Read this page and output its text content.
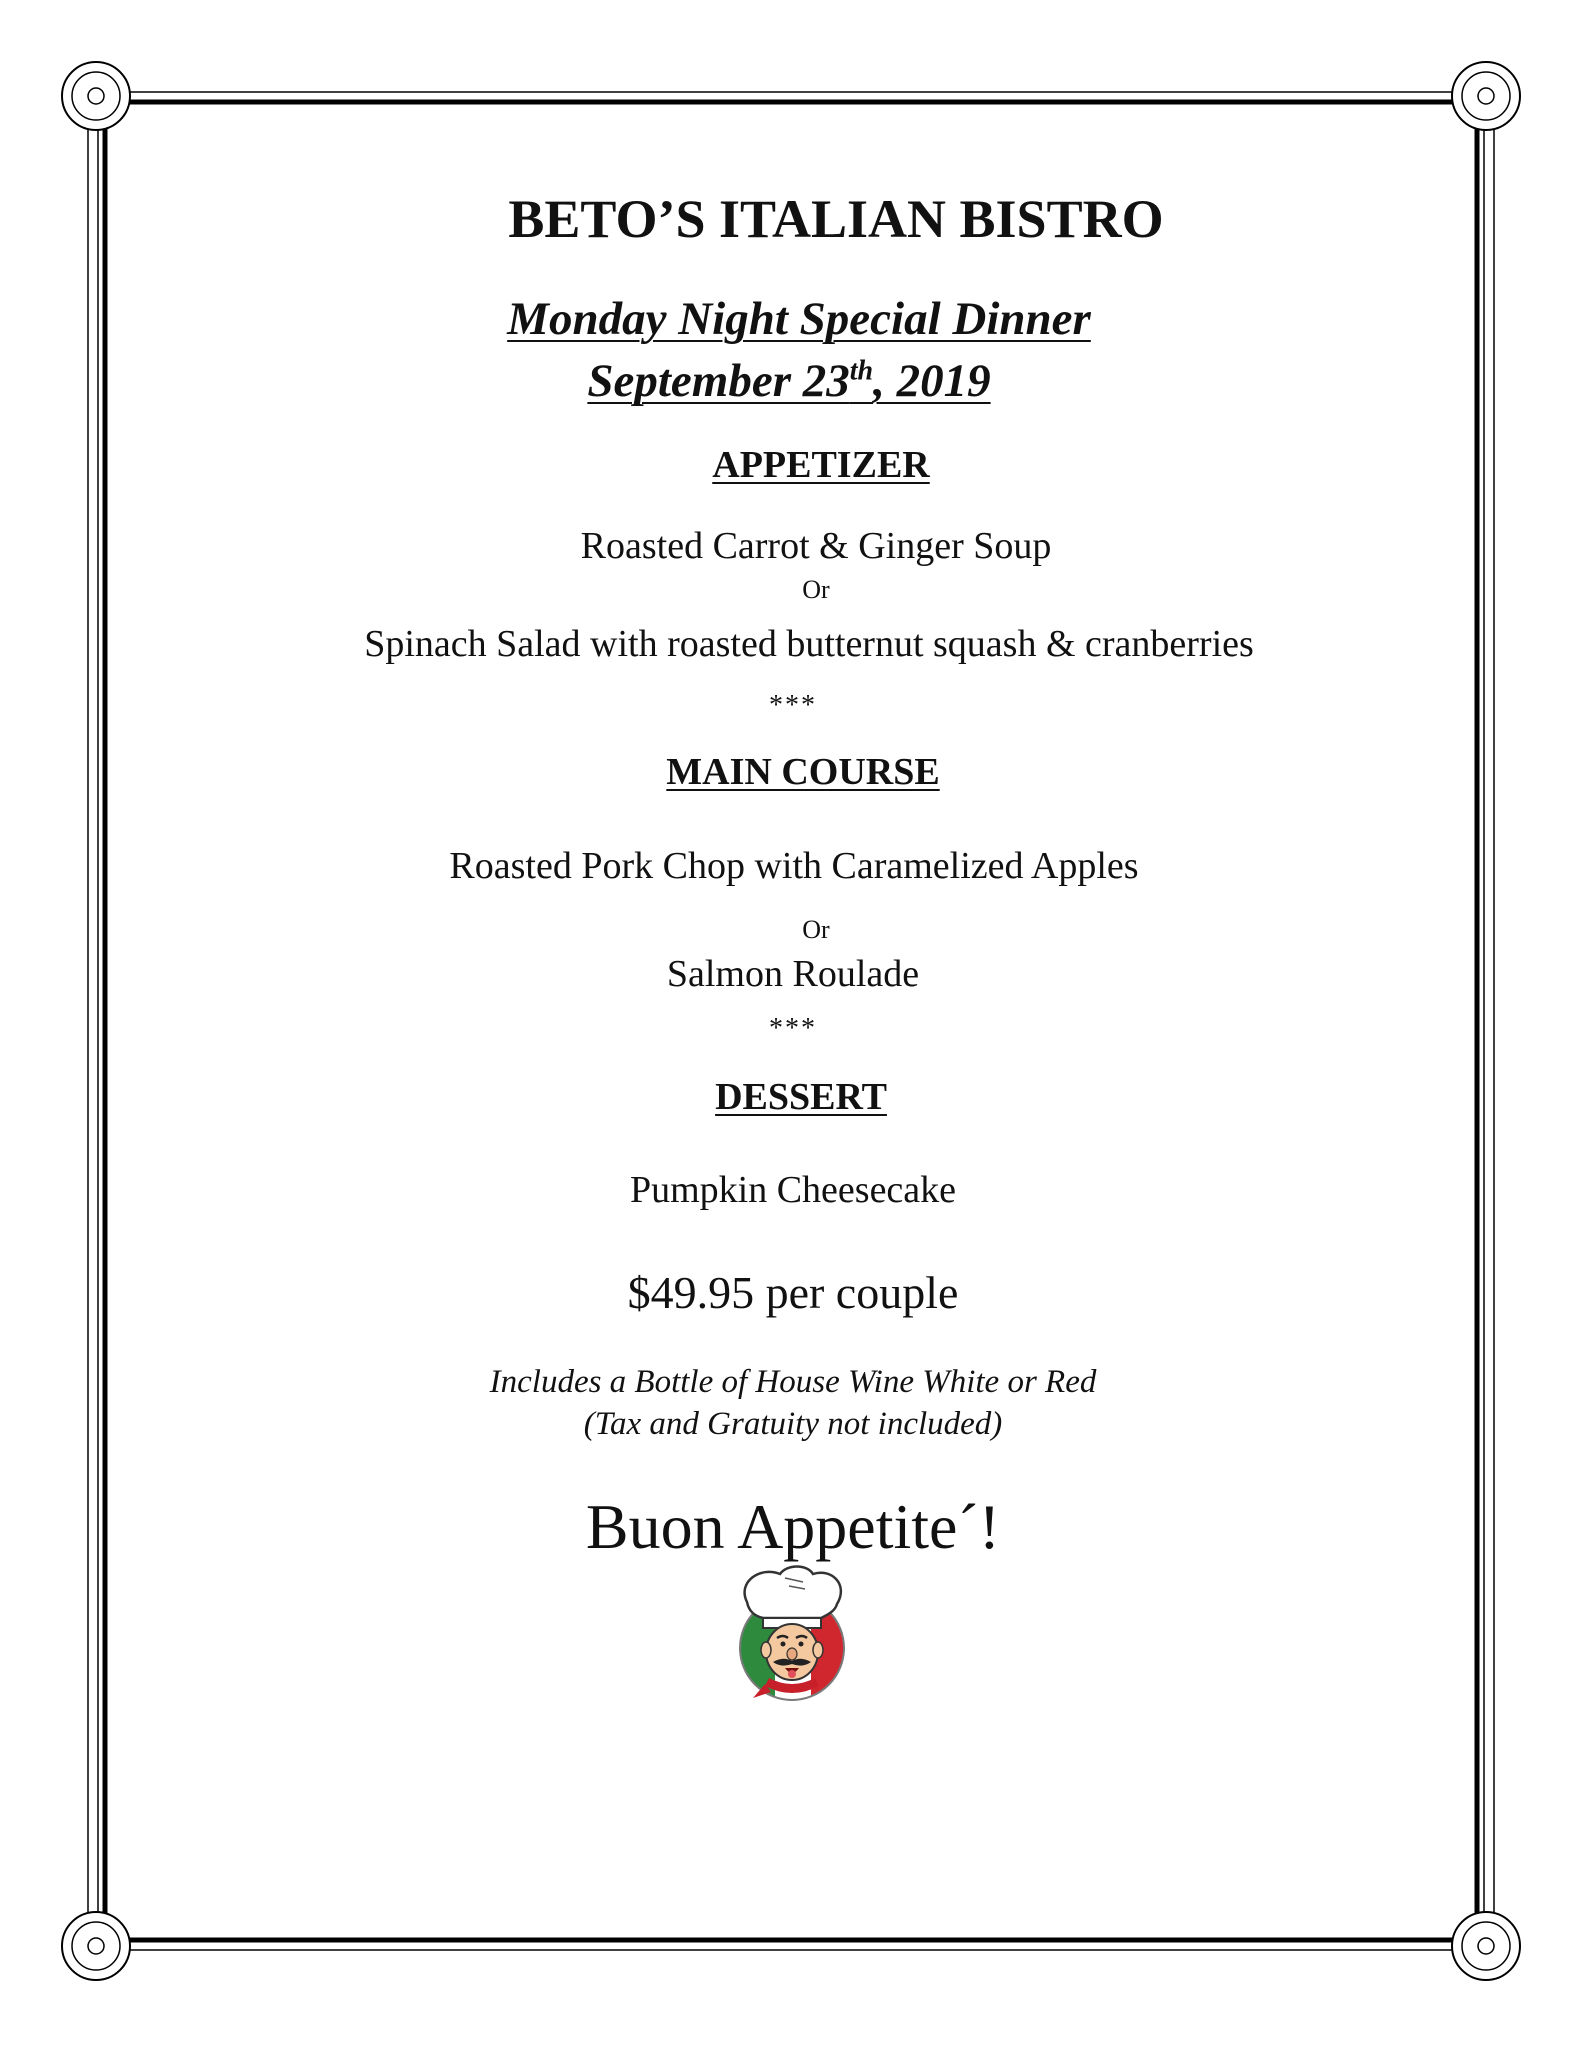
BETO’S ITALIAN BISTRO
Monday Night Special Dinner
September 23th, 2019
APPETIZER
Roasted Carrot & Ginger Soup
Or
Spinach Salad with roasted butternut squash & cranberries
***
MAIN COURSE
Roasted Pork Chop with Caramelized Apples
Or
Salmon Roulade
***
DESSERT
Pumpkin Cheesecake
$49.95 per couple
Includes a Bottle of House Wine White or Red
(Tax and Gratuity not included)
Buon Appetite´!
